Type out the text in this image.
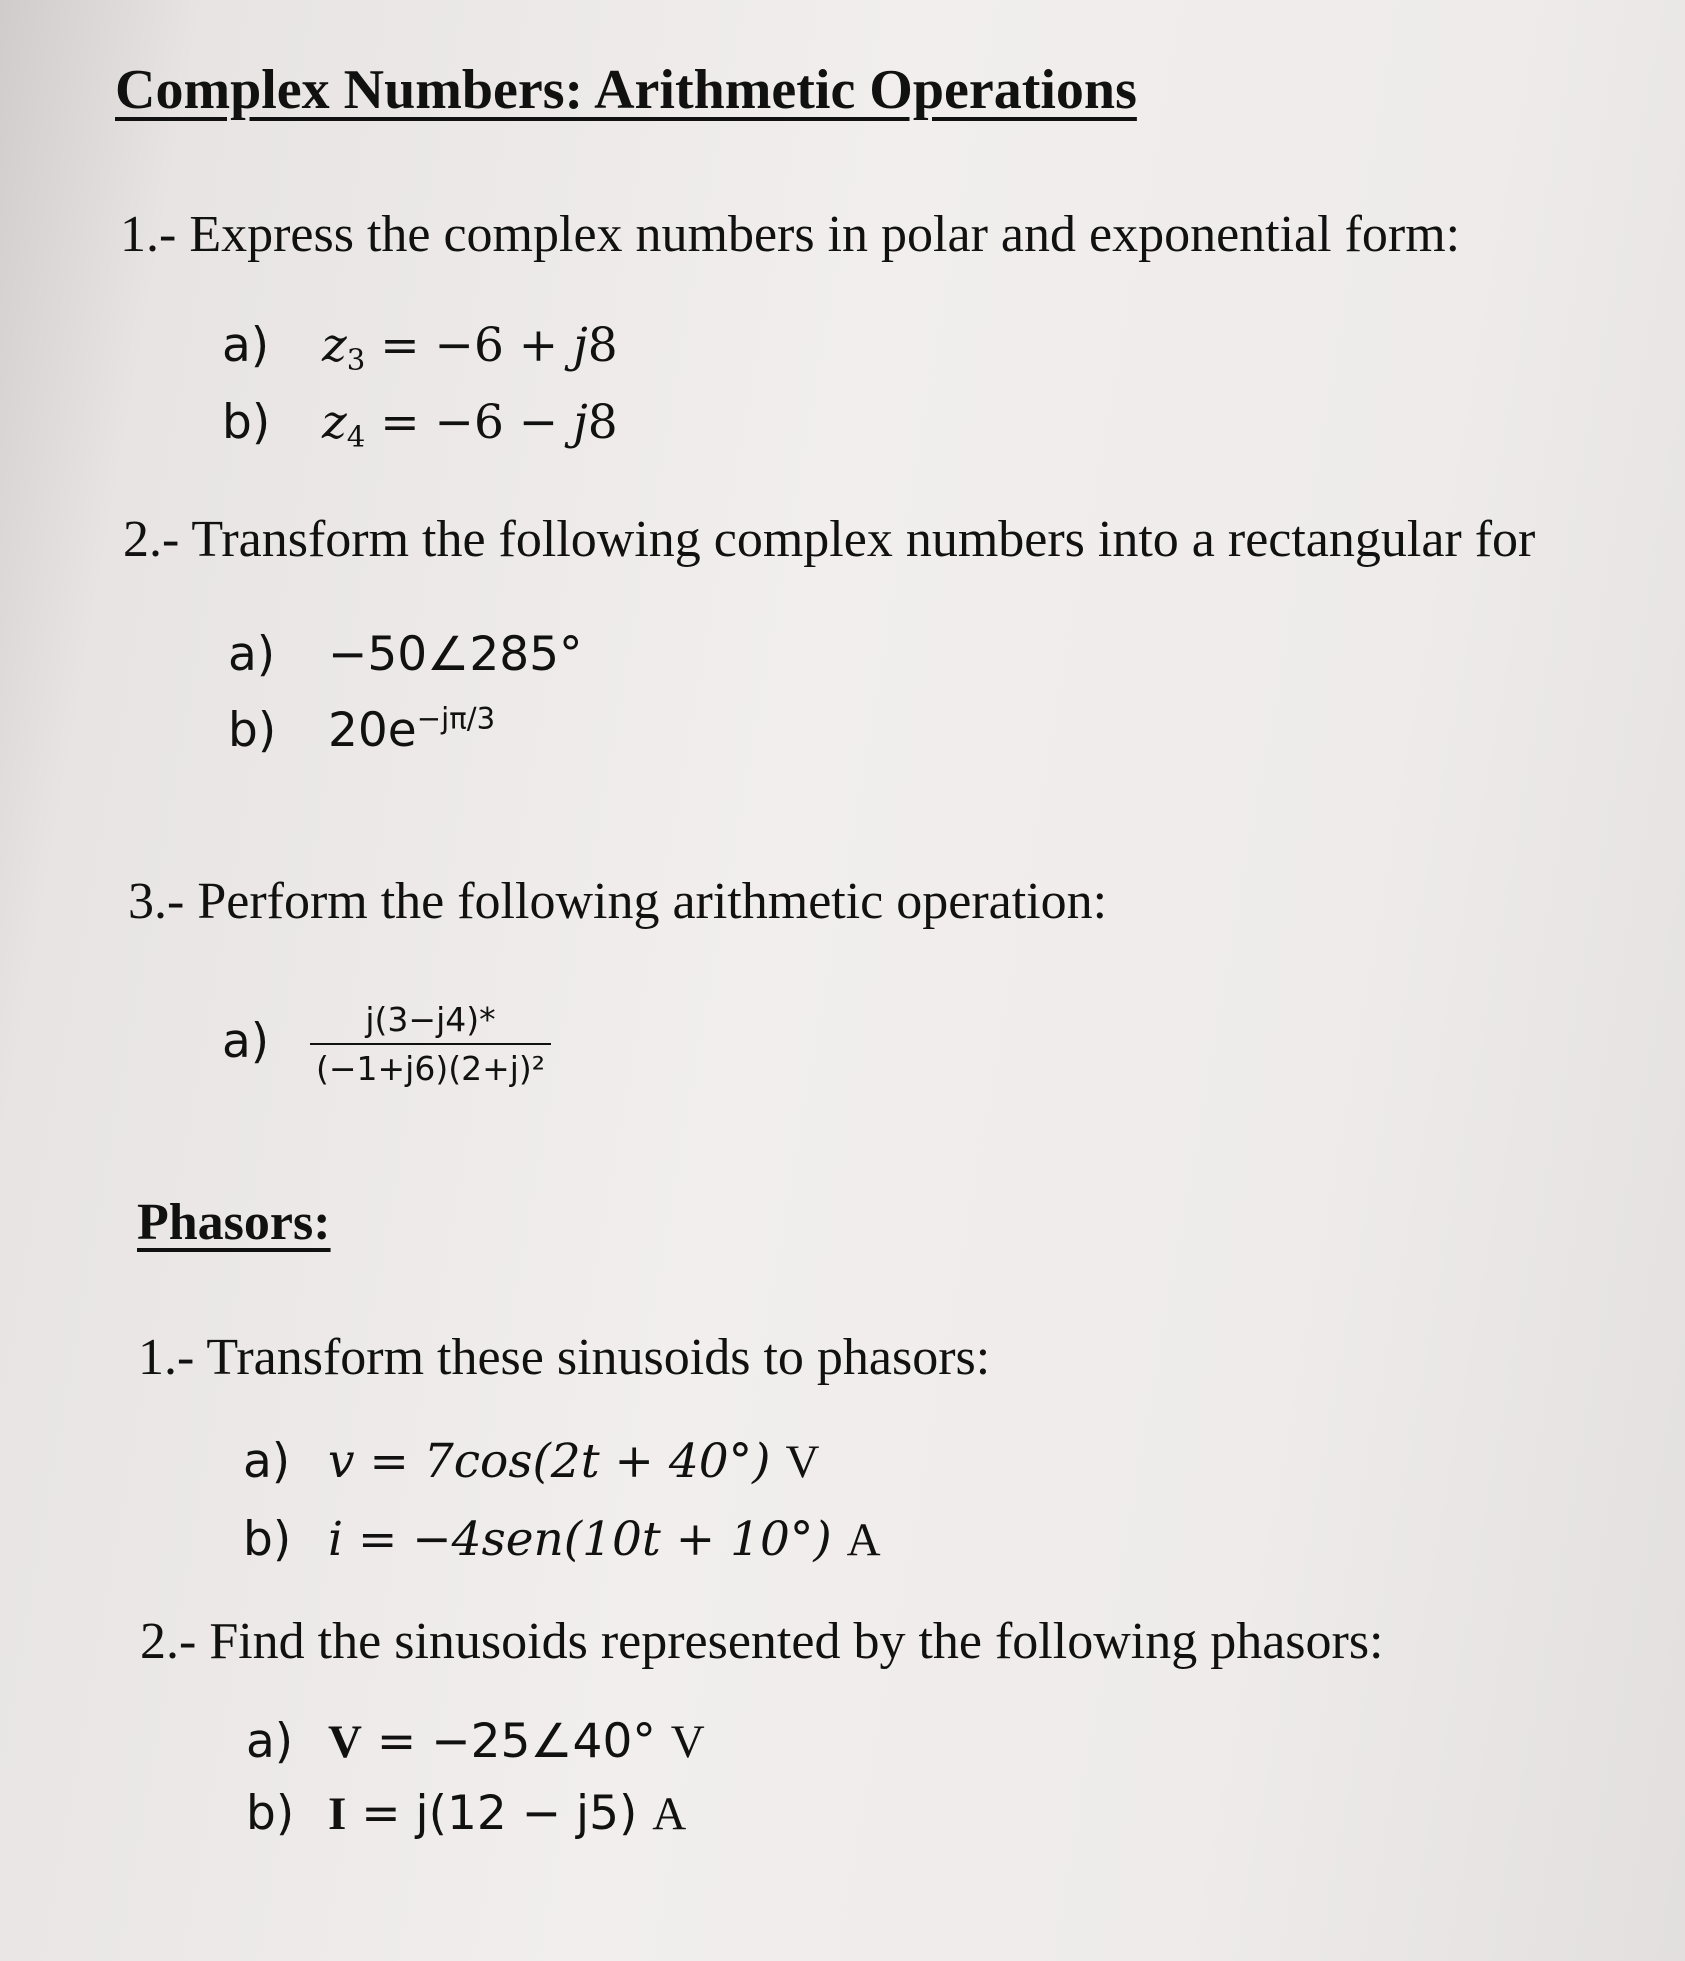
Complex Numbers: Arithmetic Operations

1.- Express the complex numbers in polar and exponential form:

a) $z_3 = -6 + j8$
b) $z_4 = -6 - j8$

2.- Transform the following complex numbers into a rectangular for

a) −50∠285°
b) $20e^{-j\pi/3}$

3.- Perform the following arithmetic operation:

$a) \frac{j(3-j4)*}{\text{(−1+j6)(2+j)²}}$
Phasors:

1.- Transform these sinusoids to phasors:

a) v = 7cos(2t + 40°) V
b) i = −4sen(10t + 10°) A

2.- Find the sinusoids represented by the following phasors:

a) V = −25∠40° V
b) I = j(12 − j5) A
